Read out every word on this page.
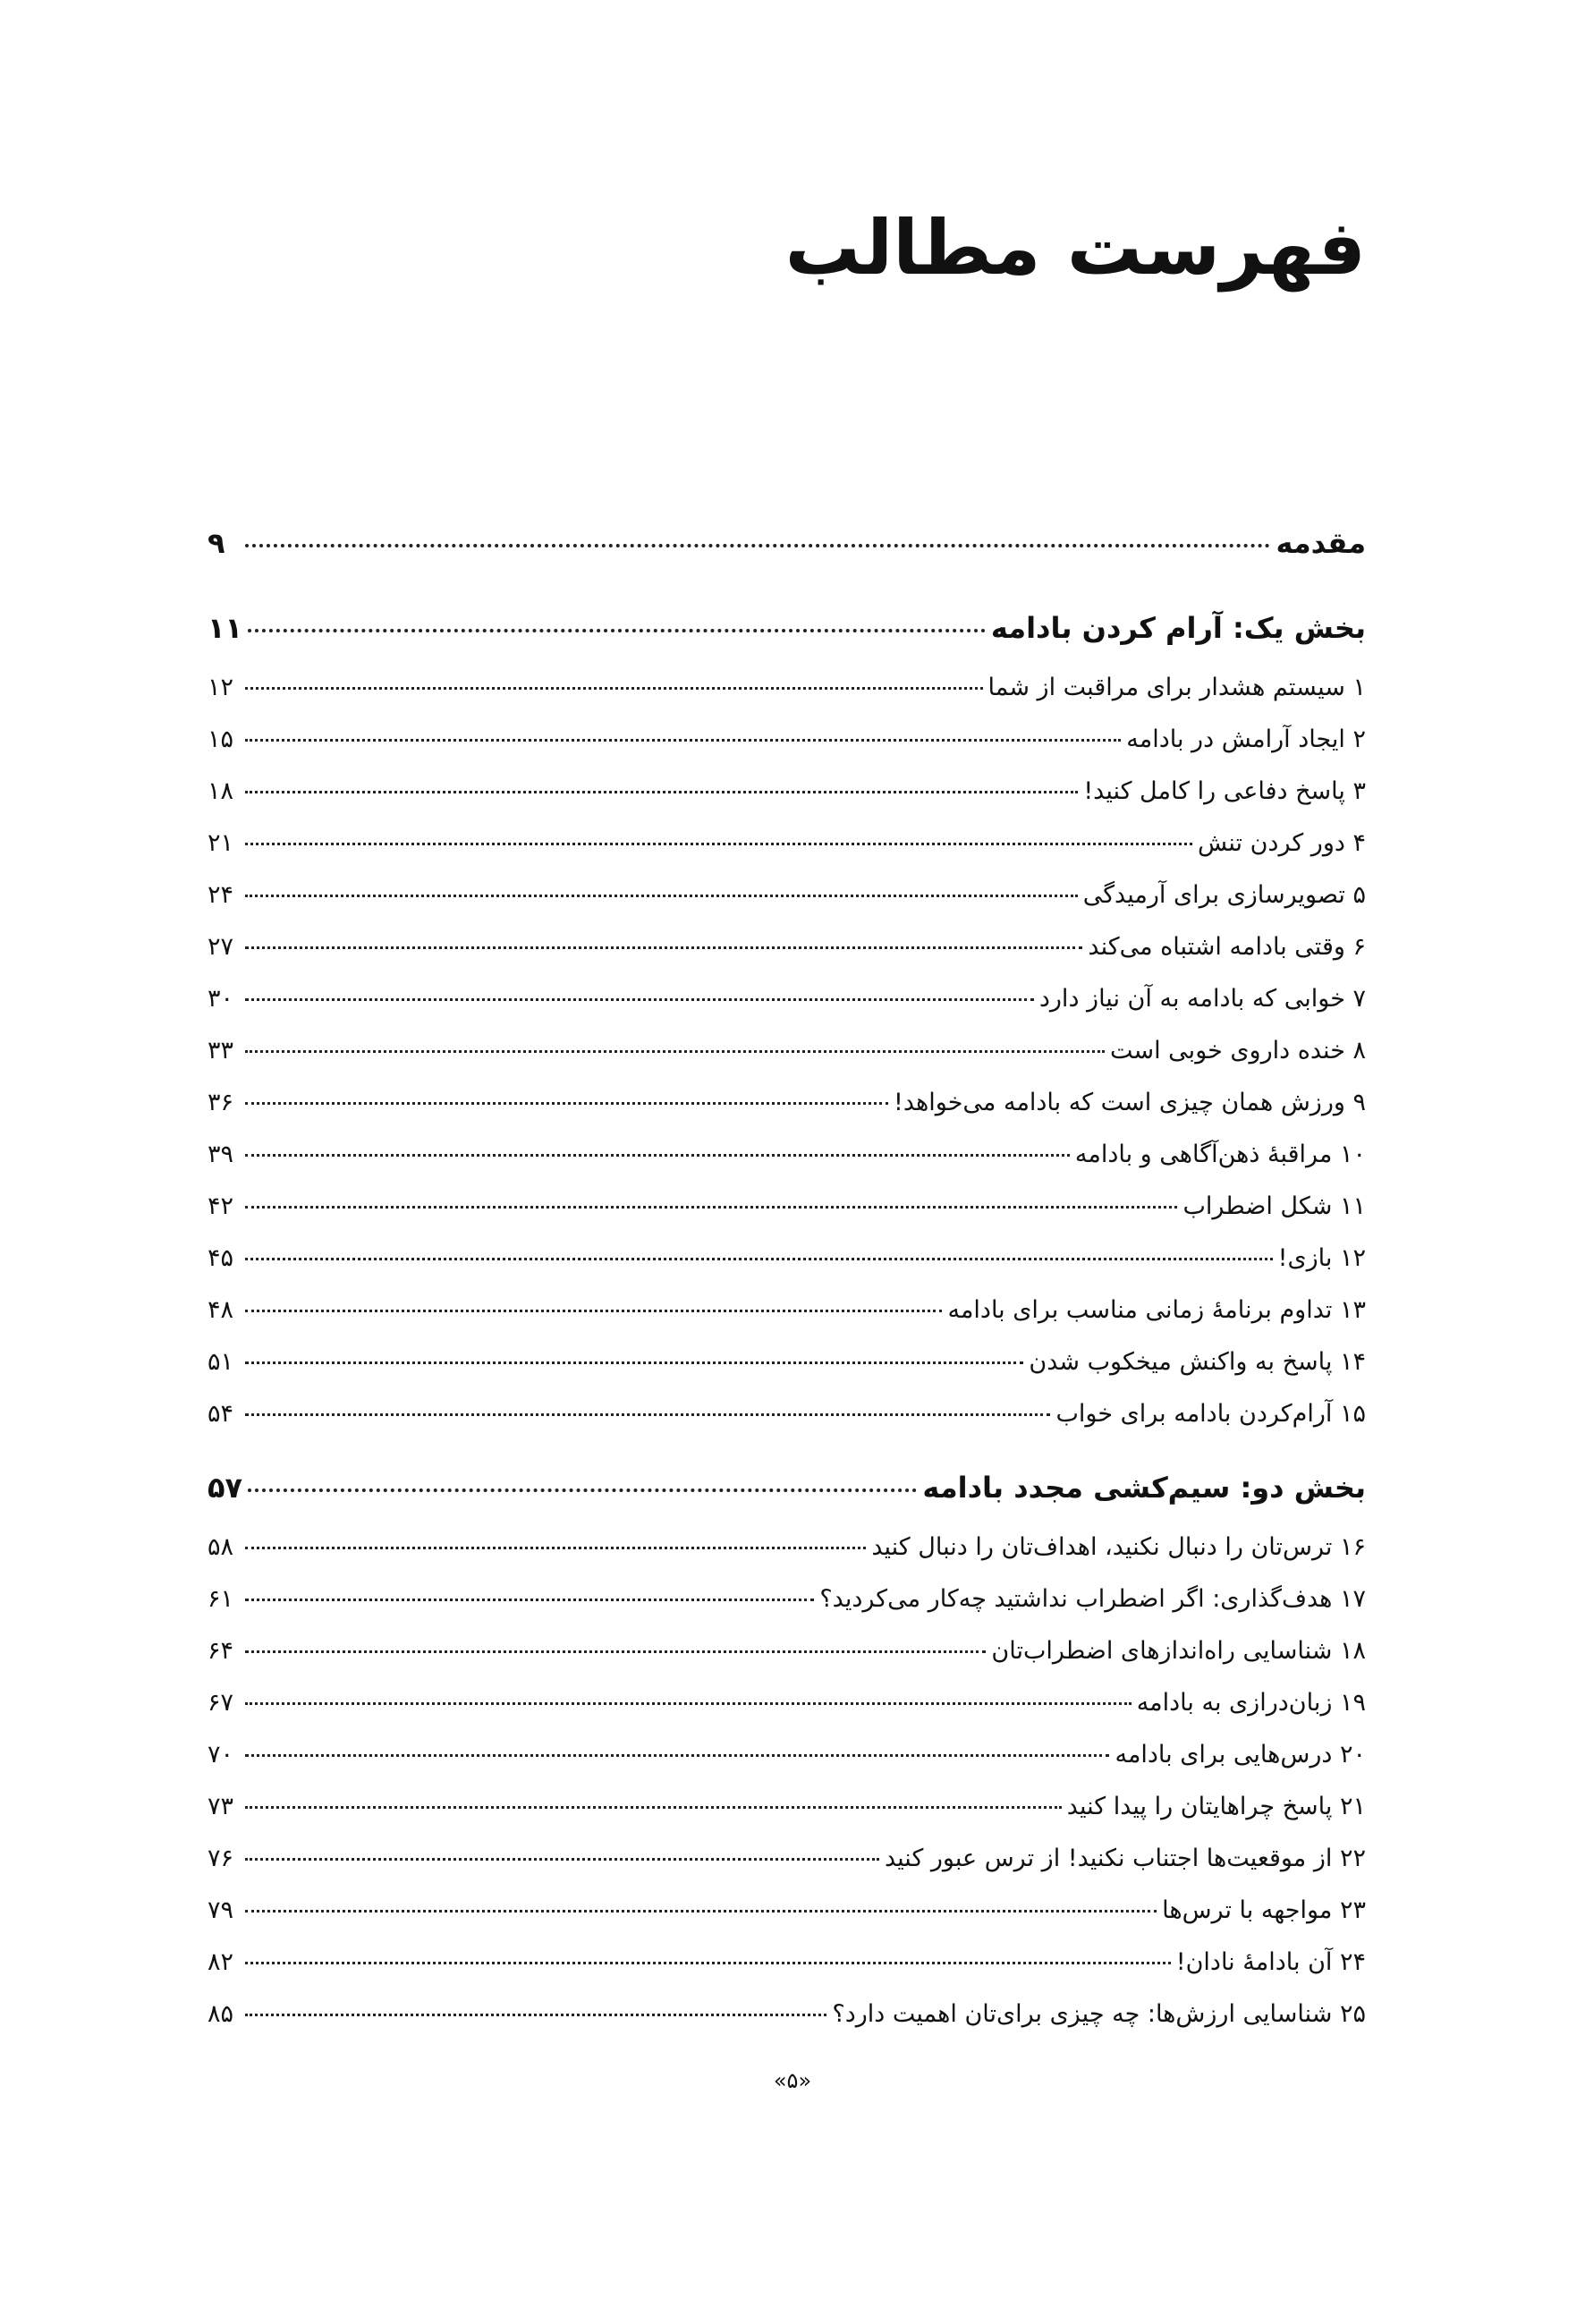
فهرست مطالب
مقدمه
۹
بخش یک: آرام کردن بادامه
۱۱
۱ سیستم هشدار برای مراقبت از شما
۱۲
۲ ایجاد آرامش در بادامه
۱۵
۳ پاسخ دفاعی را کامل کنید!
۱۸
۴ دور کردن تنش
۲۱
۵ تصویرسازی برای آرمیدگی
۲۴
۶ وقتی بادامه اشتباه می‌کند
۲۷
۷ خوابی که بادامه به آن نیاز دارد
۳۰
۸ خنده داروی خوبی است
۳۳
۹ ورزش همان چیزی است که بادامه می‌خواهد!
۳۶
۱۰ مراقبهٔ ذهن‌آگاهی و بادامه
۳۹
۱۱ شکل اضطراب
۴۲
۱۲ بازی!
۴۵
۱۳ تداوم برنامهٔ زمانی مناسب برای بادامه
۴۸
۱۴ پاسخ به واکنش میخکوب شدن
۵۱
۱۵ آرام‌کردن بادامه برای خواب
۵۴
بخش دو: سیم‌کشی مجدد بادامه
۵۷
۱۶ ترس‌تان را دنبال نکنید، اهداف‌تان را دنبال کنید
۵۸
۱۷ هدف‌گذاری: اگر اضطراب نداشتید چه‌کار می‌کردید؟
۶۱
۱۸ شناسایی راه‌اندازهای اضطراب‌تان
۶۴
۱۹ زبان‌درازی به بادامه
۶۷
۲۰ درس‌هایی برای بادامه
۷۰
۲۱ پاسخ چراهایتان را پیدا کنید
۷۳
۲۲ از موقعیت‌ها اجتناب نکنید! از ترس عبور کنید
۷۶
۲۳ مواجهه با ترس‌ها
۷۹
۲۴ آن بادامهٔ نادان!
۸۲
۲۵ شناسایی ارزش‌ها: چه چیزی برای‌تان اهمیت دارد؟
۸۵
«۵»
